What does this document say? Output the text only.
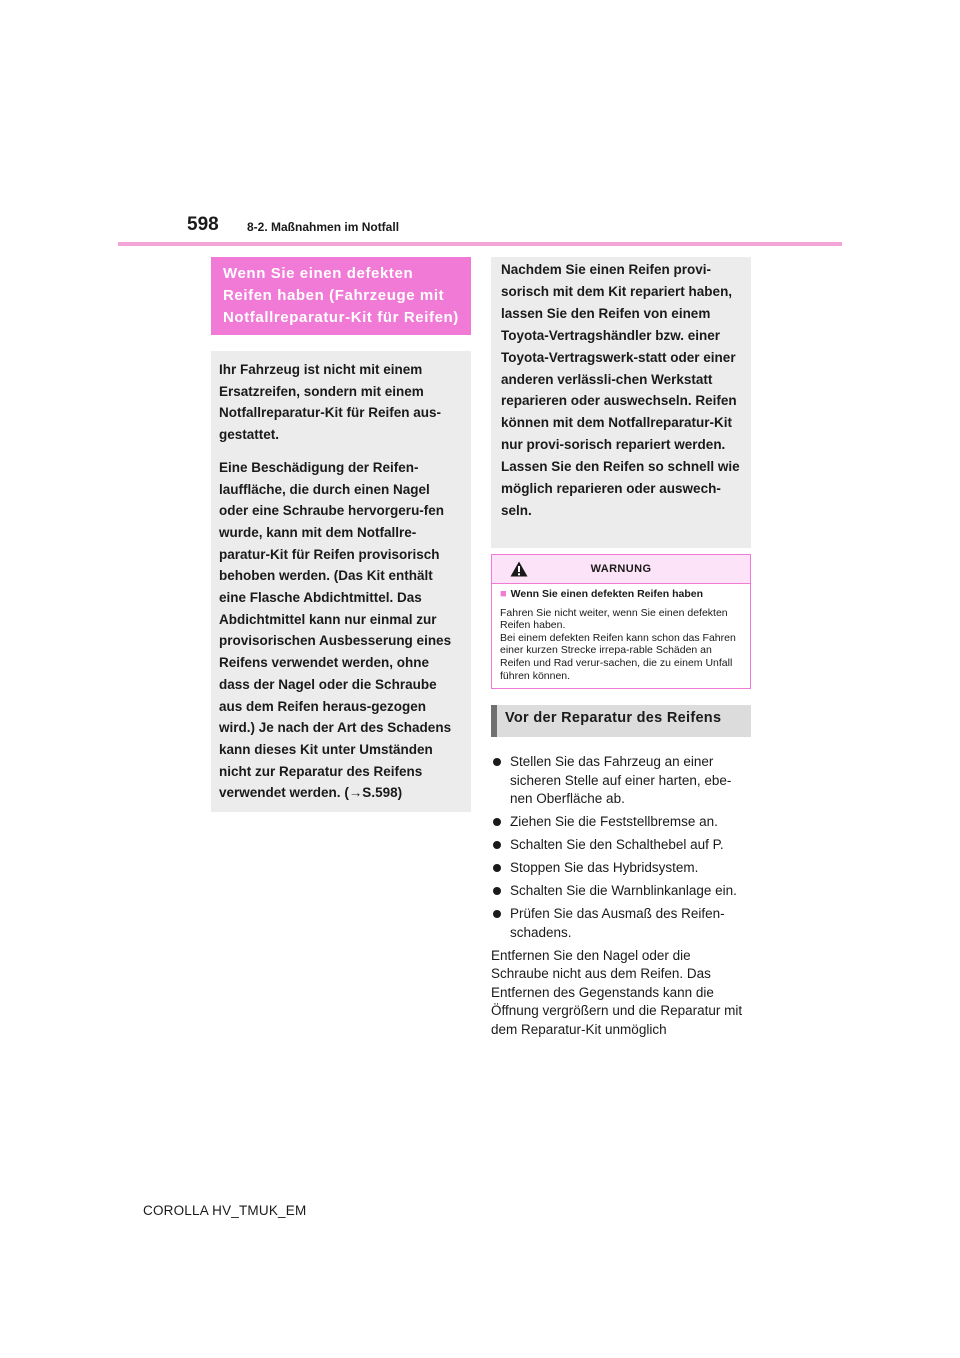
598 8-2. Maßnahmen im Notfall
Wenn Sie einen defekten Reifen haben (Fahrzeuge mit Notfallreparatur-Kit für Reifen)

Ihr Fahrzeug ist nicht mit einem Ersatzreifen, sondern mit einem Notfallreparatur-Kit für Reifen aus-gestattet.

Eine Beschädigung der Reifen-lauffläche, die durch einen Nagel oder eine Schraube hervorgeru-fen wurde, kann mit dem Notfallre-paratur-Kit für Reifen provisorisch behoben werden. (Das Kit enthält eine Flasche Abdichtmittel. Das Abdichtmittel kann nur einmal zur provisorischen Ausbesserung eines Reifens verwendet werden, ohne dass der Nagel oder die Schraube aus dem Reifen heraus-gezogen wird.) Je nach der Art des Schadens kann dieses Kit unter Umständen nicht zur Reparatur des Reifens verwendet werden. (→S.598)

Nachdem Sie einen Reifen provi-sorisch mit dem Kit repariert haben, lassen Sie den Reifen von einem Toyota-Vertragshändler bzw. einer Toyota-Vertragswerk-statt oder einer anderen verlässli-chen Werkstatt reparieren oder auswechseln. Reifen können mit dem Notfallreparatur-Kit nur provi-sorisch repariert werden. Lassen Sie den Reifen so schnell wie möglich reparieren oder auswech-seln.
WARNUNG
■ Wenn Sie einen defekten Reifen haben
Fahren Sie nicht weiter, wenn Sie einen defekten Reifen haben.
Bei einem defekten Reifen kann schon das Fahren einer kurzen Strecke irrepa-rable Schäden an Reifen und Rad verur-sachen, die zu einem Unfall führen können.
Vor der Reparatur des Reifens
Stellen Sie das Fahrzeug an einer sicheren Stelle auf einer harten, ebe-nen Oberfläche ab.
Ziehen Sie die Feststellbremse an.
Schalten Sie den Schalthebel auf P.
Stoppen Sie das Hybridsystem.
Schalten Sie die Warnblinkanlage ein.
Prüfen Sie das Ausmaß des Reifen-schadens.
Entfernen Sie den Nagel oder die Schraube nicht aus dem Reifen. Das Entfernen des Gegenstands kann die Öffnung vergrößern und die Reparatur mit dem Reparatur-Kit unmöglich
COROLLA HV_TMUK_EM
